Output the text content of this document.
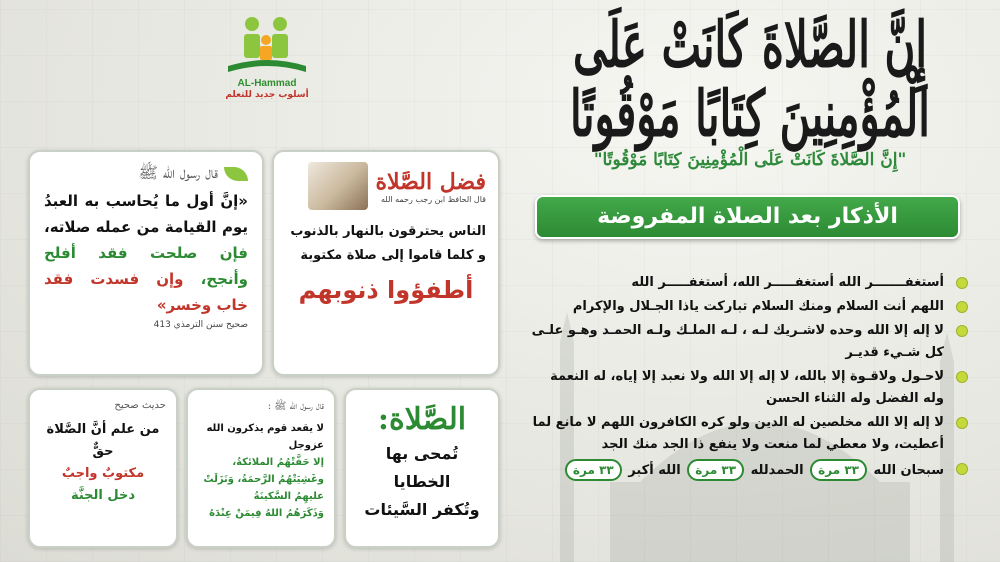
AL-Hammad
أسلوب جديد للتعلم
إِنَّ الصَّلاةَ كَانَتْ عَلَى الْمُؤْمِنِينَ كِتَابًا مَوْقُوتًا
"إِنَّ الصَّلاةَ كَانَتْ عَلَى الْمُؤْمِنِينَ كِتَابًا مَوْقُوتًا"
الأذكار بعد الصلاة المفروضة
أستغفـــــــر الله أستغفـــــر الله، أستغفـــــر الله
اللهم أنت السلام ومنك السلام تباركت ياذا الجـلال والإكرام
لا إله إلا الله وحده لاشـريك لـه ، لـه الملـك ولـه الحمـد وهـو علـى كل شـيء قديـر
لاحـول ولاقـوة إلا بالله، لا إله إلا الله ولا نعبد إلا إياه، له النعمة وله الفضل وله الثناء الحسن
لا إله إلا الله مخلصين له الدين ولو كره الكافرون اللهم لا مانع لما أعطيت، ولا معطي لما منعت ولا ينفع ذا الجد منك الجد
سبحان الله ٣٣ مرة الحمدلله ٣٣ مرة الله أكبر ٣٣ مرة
قال رسول الله ﷺ
«إنَّ أول ما يُحاسب به العبدُ يوم القيامة من عمله صلاته، فإن صلحت فقد أفلح وأنجح، وإن فسدت فقد خاب وخسر»
صحيح سنن الترمذي 413
فضل الصَّلاة
قال الحافظ ابن رجب رحمه الله
الناس يحترقون بالنهار بالذنوب و كلما قاموا إلى صلاة مكتوبة
أطفؤوا ذنوبهم
حديث صحيح
من علم أنَّ الصَّلاة حقٌّ
مكتوبٌ واجبٌ
دخل الجنَّة
قال رسول الله ﷺ :
لا يقعد قوم يذكرون الله عزوجل
إلا حَفَّتْهُمُ الملائكةُ، وغَشِيَتْهُمُ الرَّحمَةُ، وَنَزَلَتْ عليهِمُ السَّكينَةُ
وَذَكَرَهُمُ اللهُ فِيمَنْ عِنْدَهُ
الصَّلاة:
تُمحى بها الخطايا
وتُكفر السَّيئات
